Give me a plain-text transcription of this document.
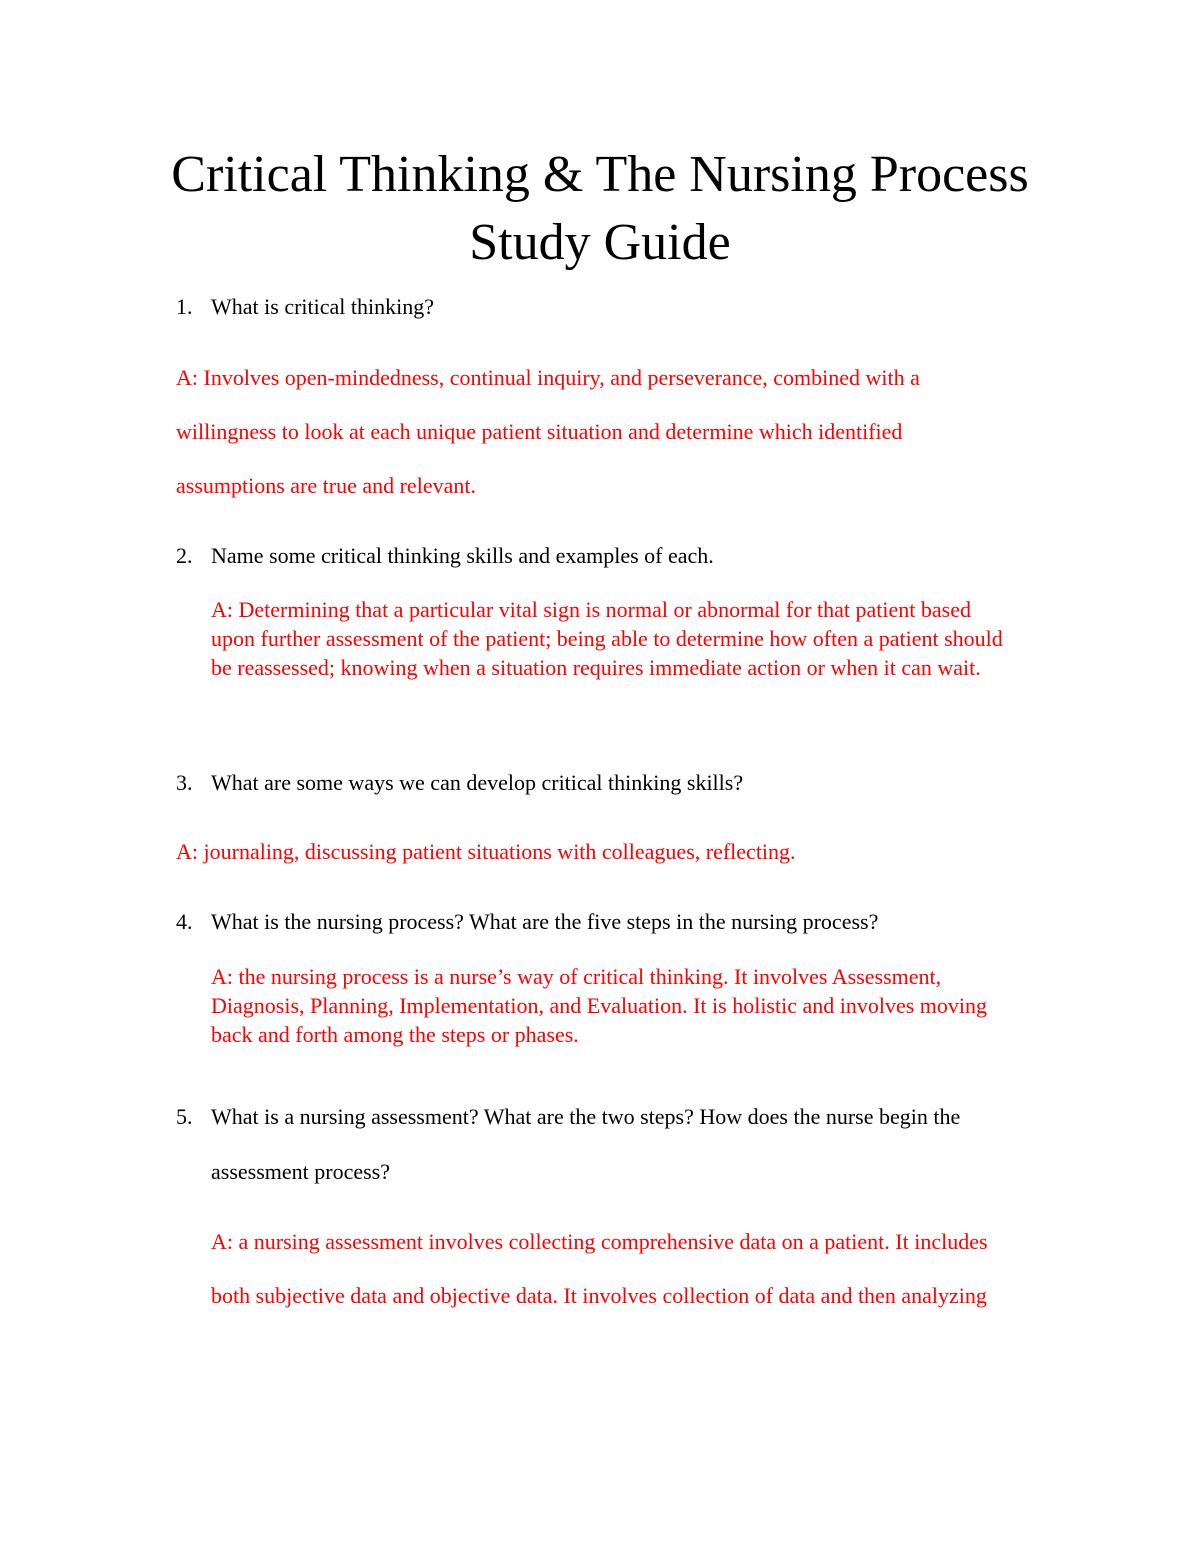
Critical Thinking & The Nursing Process
Study Guide
1. What is critical thinking?
A: Involves open-mindedness, continual inquiry, and perseverance, combined with a
willingness to look at each unique patient situation and determine which identified
assumptions are true and relevant.
2. Name some critical thinking skills and examples of each.
A: Determining that a particular vital sign is normal or abnormal for that patient based
upon further assessment of the patient; being able to determine how often a patient should
be reassessed; knowing when a situation requires immediate action or when it can wait.
3. What are some ways we can develop critical thinking skills?
A: journaling, discussing patient situations with colleagues, reflecting.
4. What is the nursing process? What are the five steps in the nursing process?
A: the nursing process is a nurse’s way of critical thinking. It involves Assessment,
Diagnosis, Planning, Implementation, and Evaluation. It is holistic and involves moving
back and forth among the steps or phases.
5. What is a nursing assessment? What are the two steps? How does the nurse begin the
assessment process?
A: a nursing assessment involves collecting comprehensive data on a patient. It includes
both subjective data and objective data. It involves collection of data and then analyzing
